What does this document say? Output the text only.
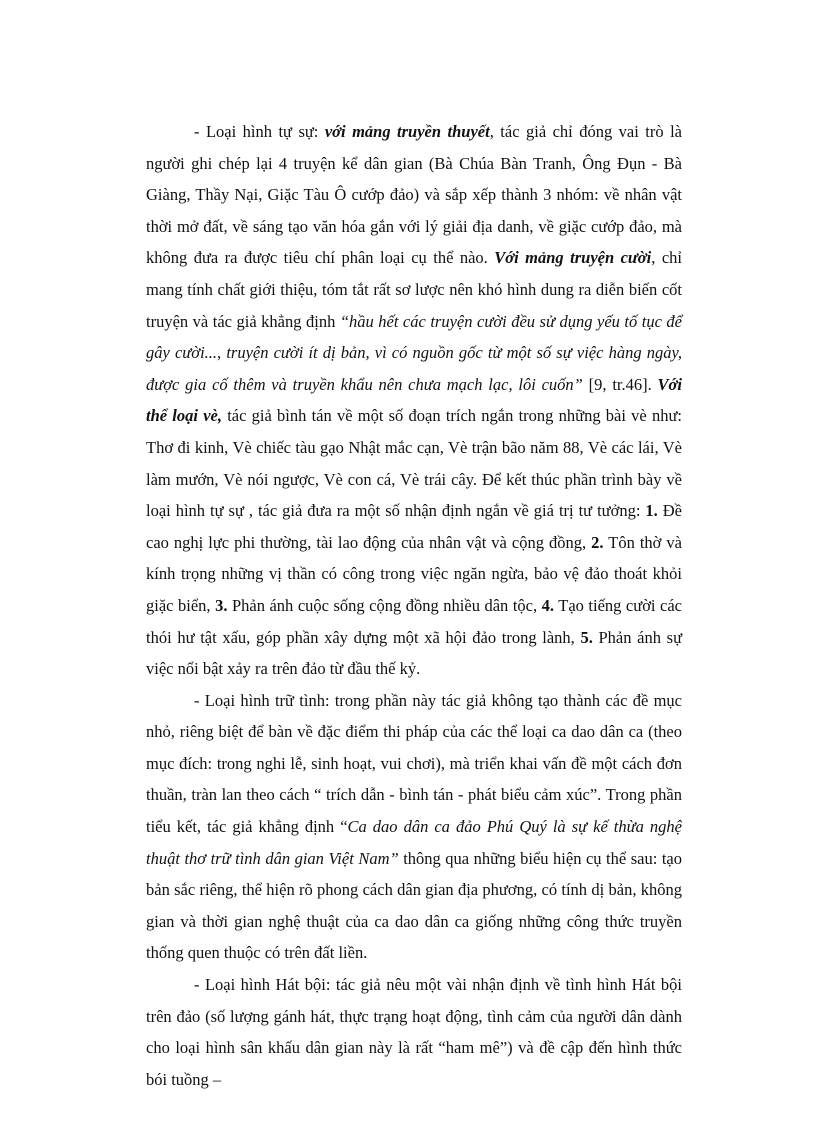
- Loại hình tự sự: với mảng truyền thuyết, tác giả chỉ đóng vai trò là người ghi chép lại 4 truyện kể dân gian (Bà Chúa Bàn Tranh, Ông Đụn - Bà Giàng, Thầy Nại, Giặc Tàu Ô cướp đảo) và sắp xếp thành 3 nhóm: về nhân vật thời mở đất, về sáng tạo văn hóa gắn với lý giải địa danh, về giặc cướp đảo, mà không đưa ra được tiêu chí phân loại cụ thể nào. Với mảng truyện cười, chỉ mang tính chất giới thiệu, tóm tắt rất sơ lược nên khó hình dung ra diễn biến cốt truyện và tác giả khẳng định “hầu hết các truyện cười đều sử dụng yếu tố tục để gây cười..., truyện cười ít dị bản, vì có nguồn gốc từ một số sự việc hàng ngày, được gia cố thêm và truyền khẩu nên chưa mạch lạc, lôi cuốn” [9, tr.46]. Với thể loại vè, tác giả bình tán về một số đoạn trích ngắn trong những bài vè như: Thơ đi kinh, Vè chiếc tàu gạo Nhật mắc cạn, Vè trận bão năm 88, Vè các lái, Vè làm mướn, Vè nói ngược, Vè con cá, Vè trái cây. Để kết thúc phần trình bày về loại hình tự sự , tác giả đưa ra một số nhận định ngắn về giá trị tư tưởng: 1. Đề cao nghị lực phi thường, tài lao động của nhân vật và cộng đồng, 2. Tôn thờ và kính trọng những vị thần có công trong việc ngăn ngừa, bảo vệ đảo thoát khỏi giặc biển, 3. Phản ánh cuộc sống cộng đồng nhiều dân tộc, 4. Tạo tiếng cười các thói hư tật xấu, góp phần xây dựng một xã hội đảo trong lành, 5. Phản ánh sự việc nổi bật xảy ra trên đảo từ đầu thế kỷ.

- Loại hình trữ tình: trong phần này tác giả không tạo thành các đề mục nhỏ, riêng biệt để bàn về đặc điểm thi pháp của các thể loại ca dao dân ca (theo mục đích: trong nghi lễ, sinh hoạt, vui chơi), mà triển khai vấn đề một cách đơn thuần, tràn lan theo cách “ trích dẫn - bình tán - phát biểu cảm xúc”. Trong phần tiểu kết, tác giả khẳng định “Ca dao dân ca đảo Phú Quý là sự kế thừa nghệ thuật thơ trữ tình dân gian Việt Nam” thông qua những biểu hiện cụ thể sau: tạo bản sắc riêng, thể hiện rõ phong cách dân gian địa phương, có tính dị bản, không gian và thời gian nghệ thuật của ca dao dân ca giống những công thức truyền thống quen thuộc có trên đất liền.

- Loại hình Hát bội: tác giả nêu một vài nhận định về tình hình Hát bội trên đảo (số lượng gánh hát, thực trạng hoạt động, tình cảm của người dân dành cho loại hình sân khấu dân gian này là rất “ham mê”) và đề cập đến hình thức bói tuồng –
